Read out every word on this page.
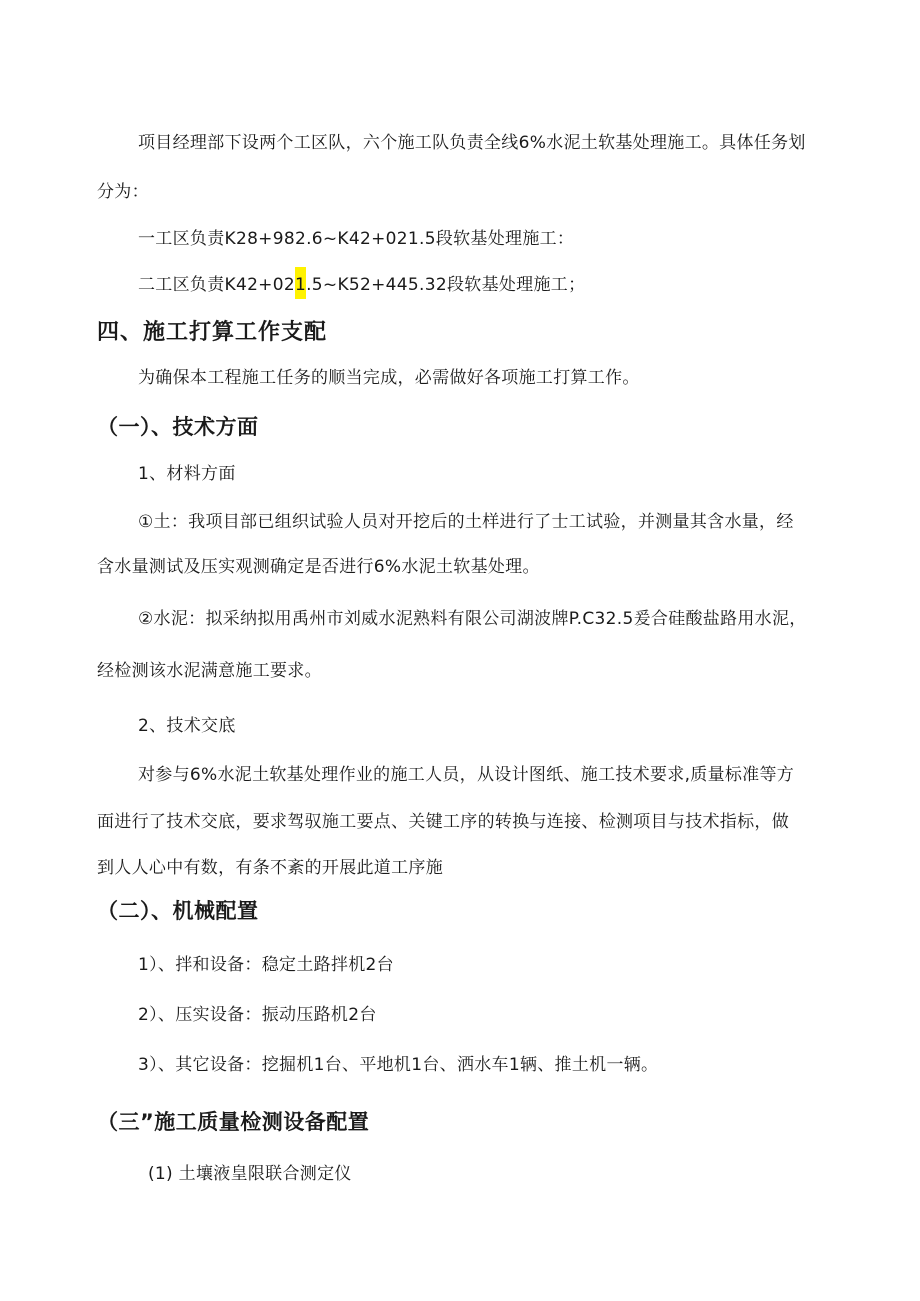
项目经理部下设两个工区队，六个施工队负责全线6%水泥土软基处理施工。具体任务划
分为：
一工区负责K28+982.6~K42+021.5段软基处理施工：
二工区负责K42+021.5~K52+445.32段软基处理施工；
四、施工打算工作支配
为确保本工程施工任务的顺当完成，必需做好各项施工打算工作。
（一）、技术方面
1、材料方面
①土：我项目部已组织试验人员对开挖后的土样进行了士工试验，并测量其含水量，经
含水量测试及压实观测确定是否进行6%水泥土软基处理。
②水泥：拟采纳拟用禹州市刘威水泥熟料有限公司湖波牌P.C32.5爰合硅酸盐路用水泥，
经检测该水泥满意施工要求。
2、技术交底
对参与6%水泥土软基处理作业的施工人员，从设计图纸、施工技术要求,质量标准等方
面进行了技术交底，要求驾驭施工要点、关键工序的转换与连接、检测项目与技术指标，做
到人人心中有数，有条不紊的开展此道工序施
（二）、机械配置
1）、拌和设备：稳定土路拌机2台
2）、压实设备：振动压路机2台
3）、其它设备：挖掘机1台、平地机1台、洒水车1辆、推土机一辆。
（三”施工质量检测设备配置
(1) 土壤液皇限联合测定仪
